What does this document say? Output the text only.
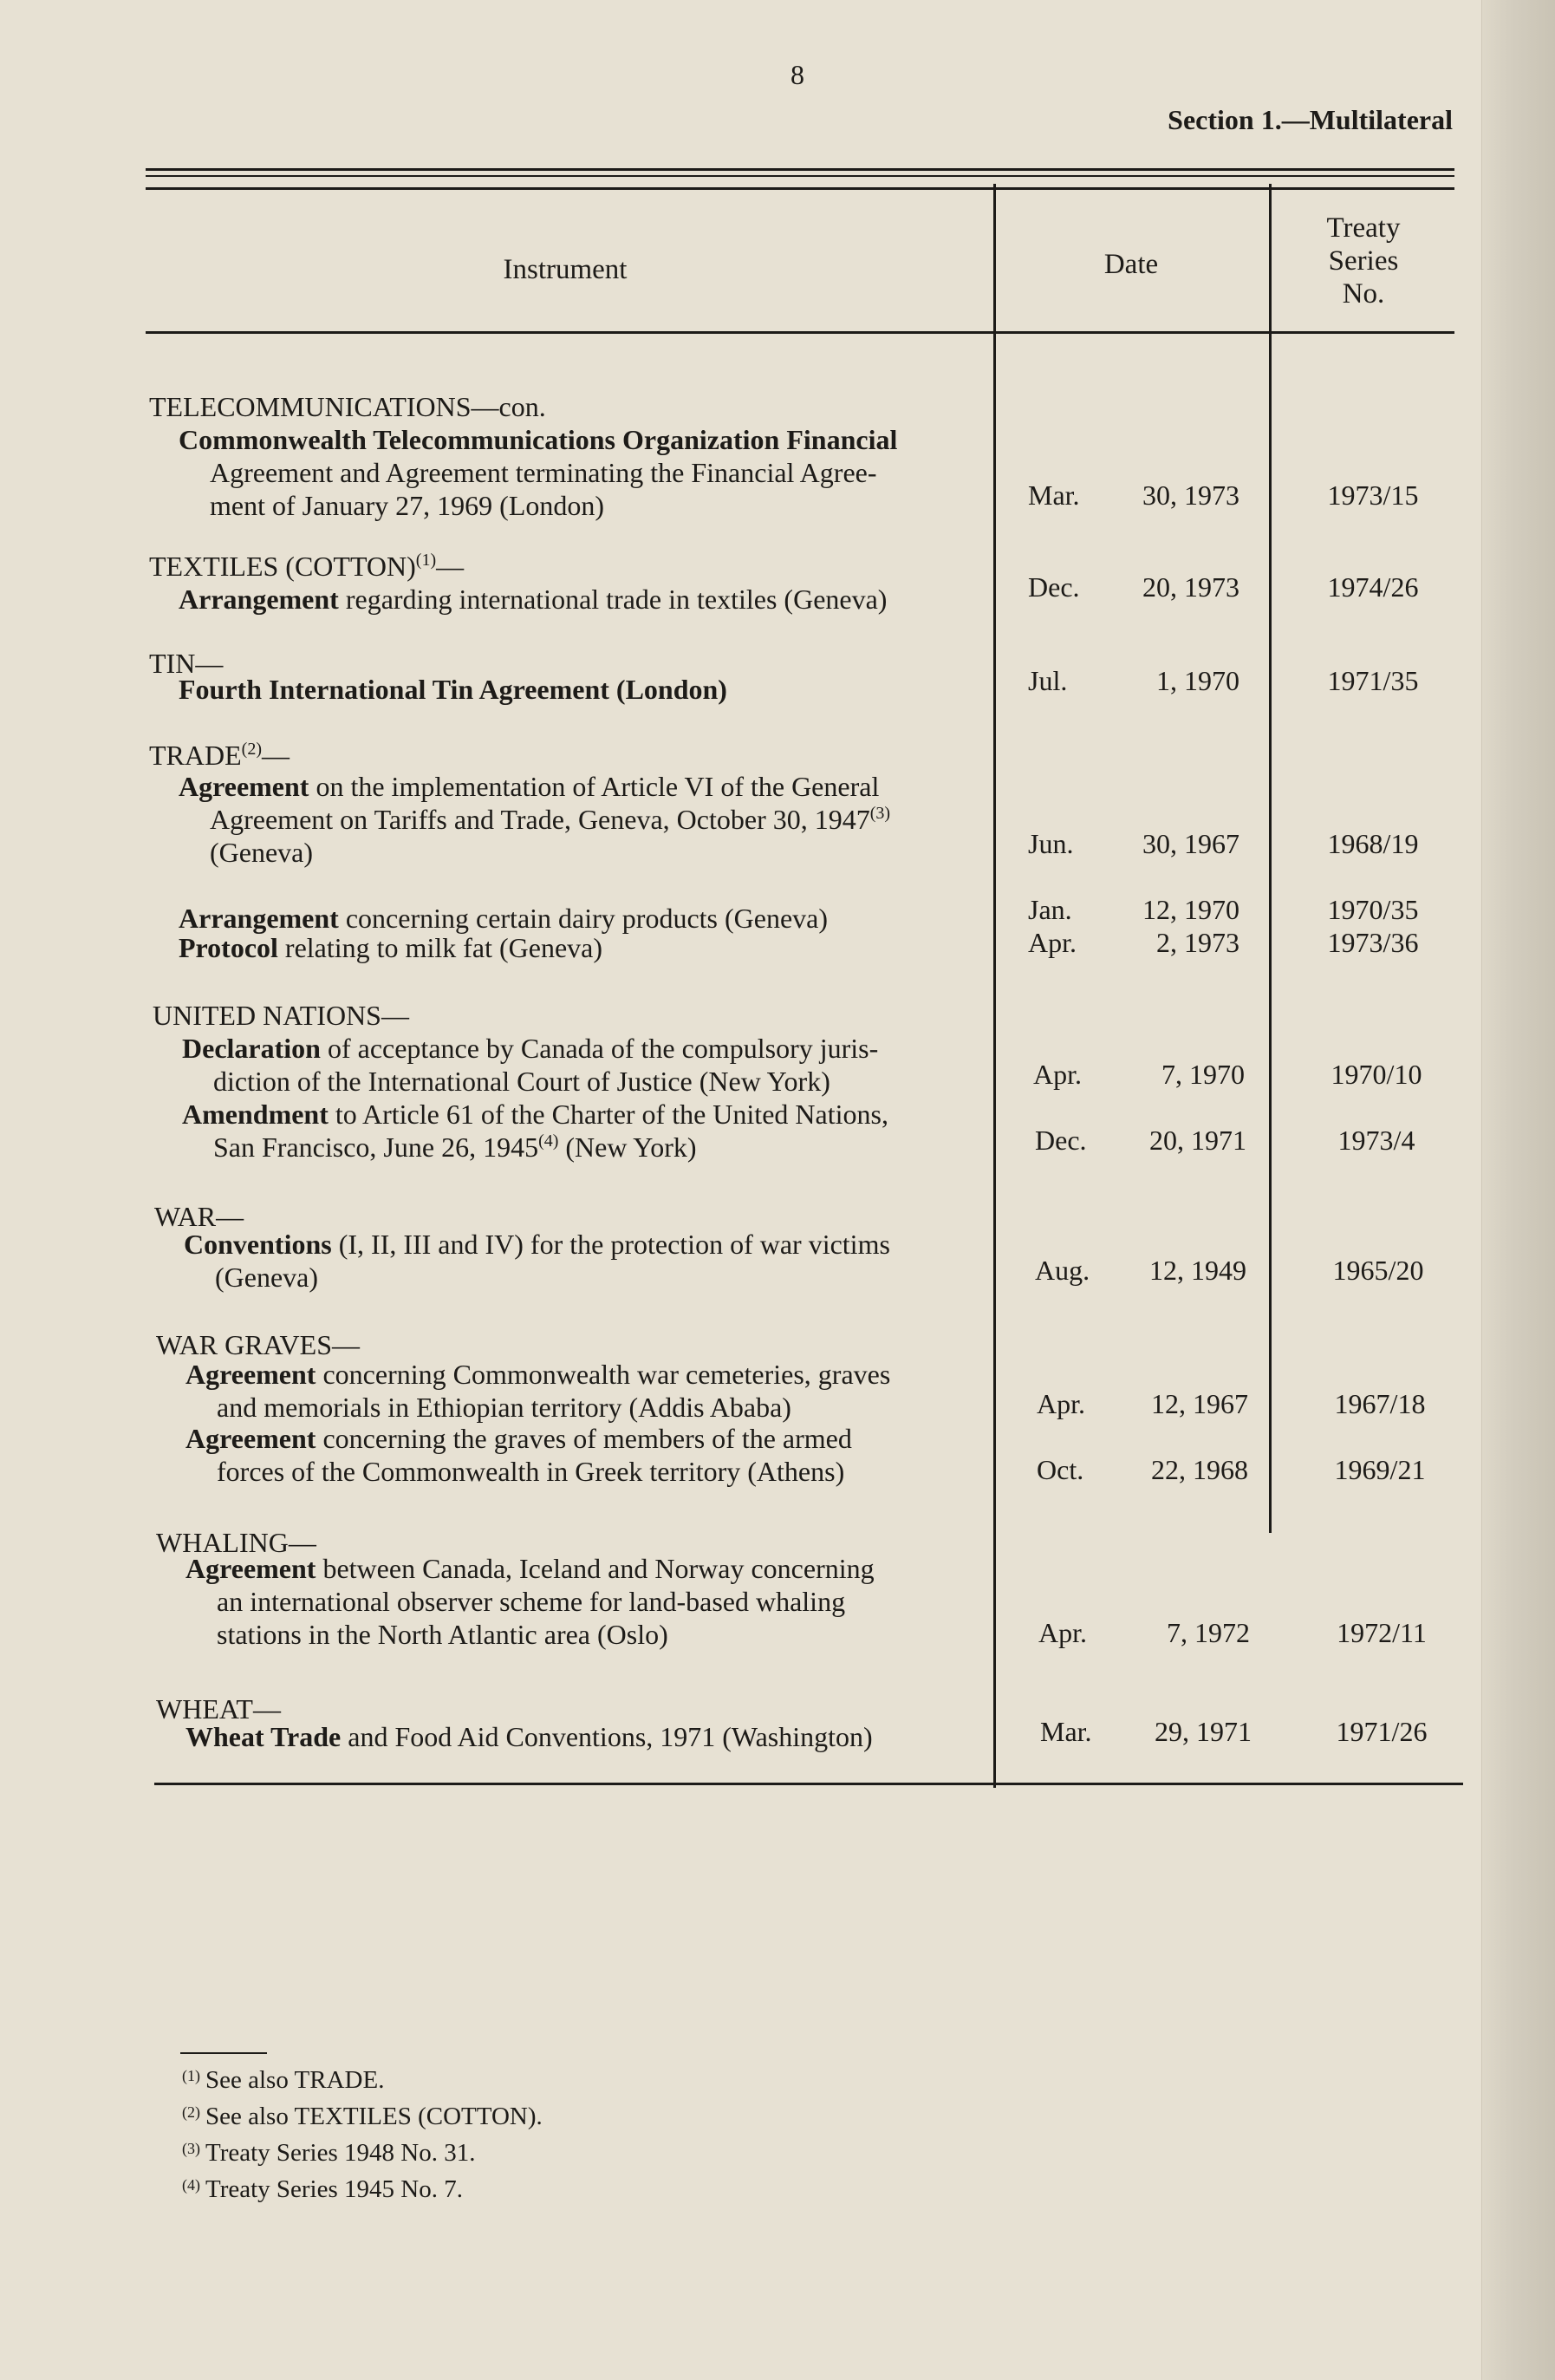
8
Section 1.—Multilateral
Instrument	Date
Treaty
Series
No.
TELECOMMUNICATIONS—con.
Commonwealth Telecommunications Organization Financial
Agreement and Agreement terminating the Financial Agree-
ment of January 27, 1969 (London)	Mar.	30, 1973	1973/15
TEXTILES (COTTON)$^{(1)}$—
Arrangement regarding international trade in textiles (Geneva)	Dec.	20, 1973	1974/26
TIN—
Fourth International Tin Agreement (London)	Jul.	1, 1970	1971/35
TRADE$^{(2)}$—
Agreement on the implementation of Article VI of the General
Agreement on Tariffs and Trade, Geneva, October 30, 1947$^{(3)}$
(Geneva)	Jun.	30, 1967	1968/19
Arrangement concerning certain dairy products (Geneva)	Jan.	12, 1970	1970/35
Protocol relating to milk fat (Geneva)	Apr.	2, 1973	1973/36
UNITED NATIONS—
Declaration of acceptance by Canada of the compulsory juris-
diction of the International Court of Justice (New York)	Apr.	7, 1970	1970/10
Amendment to Article 61 of the Charter of the United Nations,
San Francisco, June 26, 1945$^{(4)}$ (New York)	Dec.	20, 1971	1973/4
WAR—
Conventions (I, II, III and IV) for the protection of war victims
(Geneva)	Aug.	12, 1949	1965/20
WAR GRAVES—
Agreement concerning Commonwealth war cemeteries, graves
and memorials in Ethiopian territory (Addis Ababa)	Apr.	12, 1967	1967/18
Agreement concerning the graves of members of the armed
forces of the Commonwealth in Greek territory (Athens)	Oct.	22, 1968	1969/21
WHALING—
Agreement between Canada, Iceland and Norway concerning
an international observer scheme for land-based whaling
stations in the North Atlantic area (Oslo)	Apr.	7, 1972	1972/11
WHEAT—
Wheat Trade and Food Aid Conventions, 1971 (Washington)	Mar.	29, 1971	1971/26
$^{(1)}$ See also TRADE.
$^{(2)}$ See also TEXTILES (COTTON).
$^{(3)}$ Treaty Series 1948 No. 31.
$^{(4)}$ Treaty Series 1945 No. 7.
